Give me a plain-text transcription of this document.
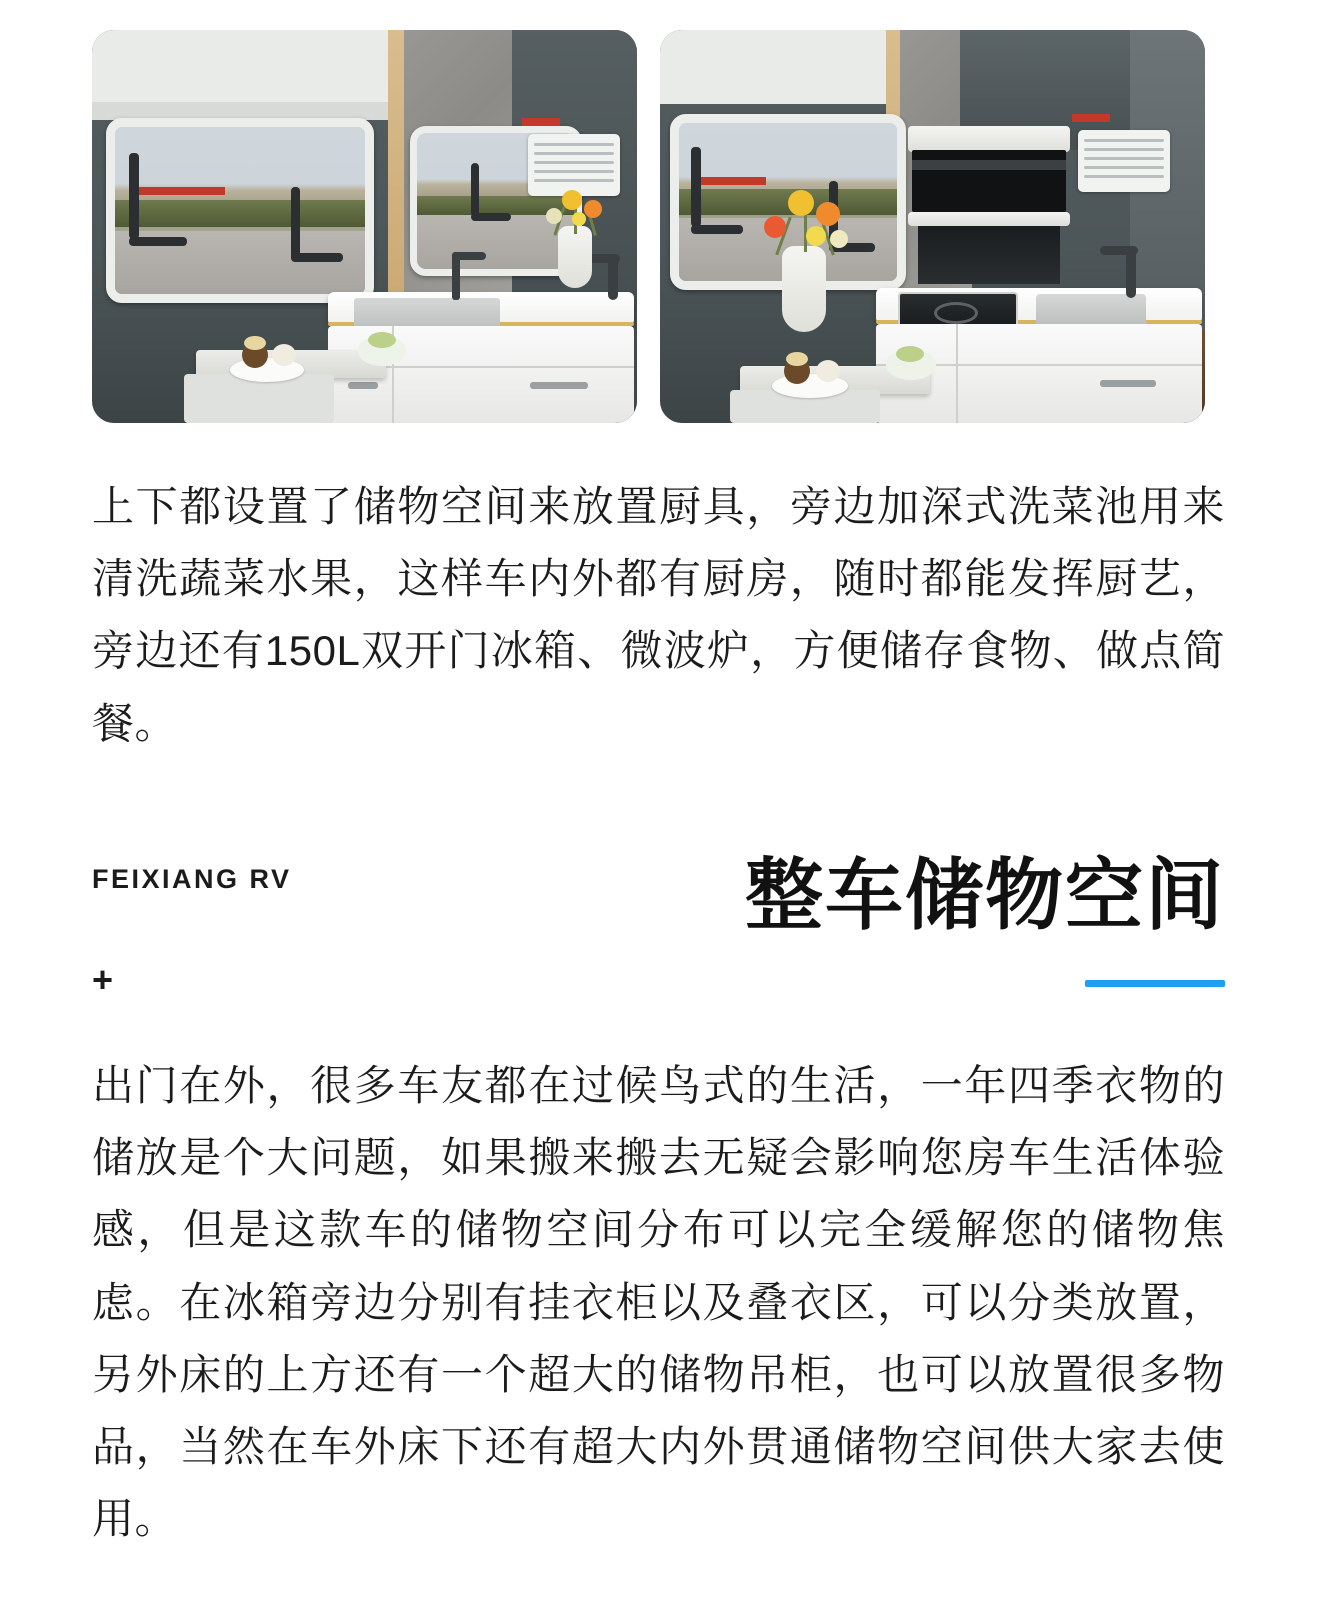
上下都设置了储物空间来放置厨具，旁边加深式洗菜池用来清洗蔬菜水果，这样车内外都有厨房，随时都能发挥厨艺，旁边还有150L双开门冰箱、微波炉，方便储存食物、做点简餐。

FEIXIANG RV
+
整车储物空间

出门在外，很多车友都在过候鸟式的生活，一年四季衣物的储放是个大问题，如果搬来搬去无疑会影响您房车生活体验感，但是这款车的储物空间分布可以完全缓解您的储物焦虑。在冰箱旁边分别有挂衣柜以及叠衣区，可以分类放置，另外床的上方还有一个超大的储物吊柜，也可以放置很多物品，当然在车外床下还有超大内外贯通储物空间供大家去使用。
